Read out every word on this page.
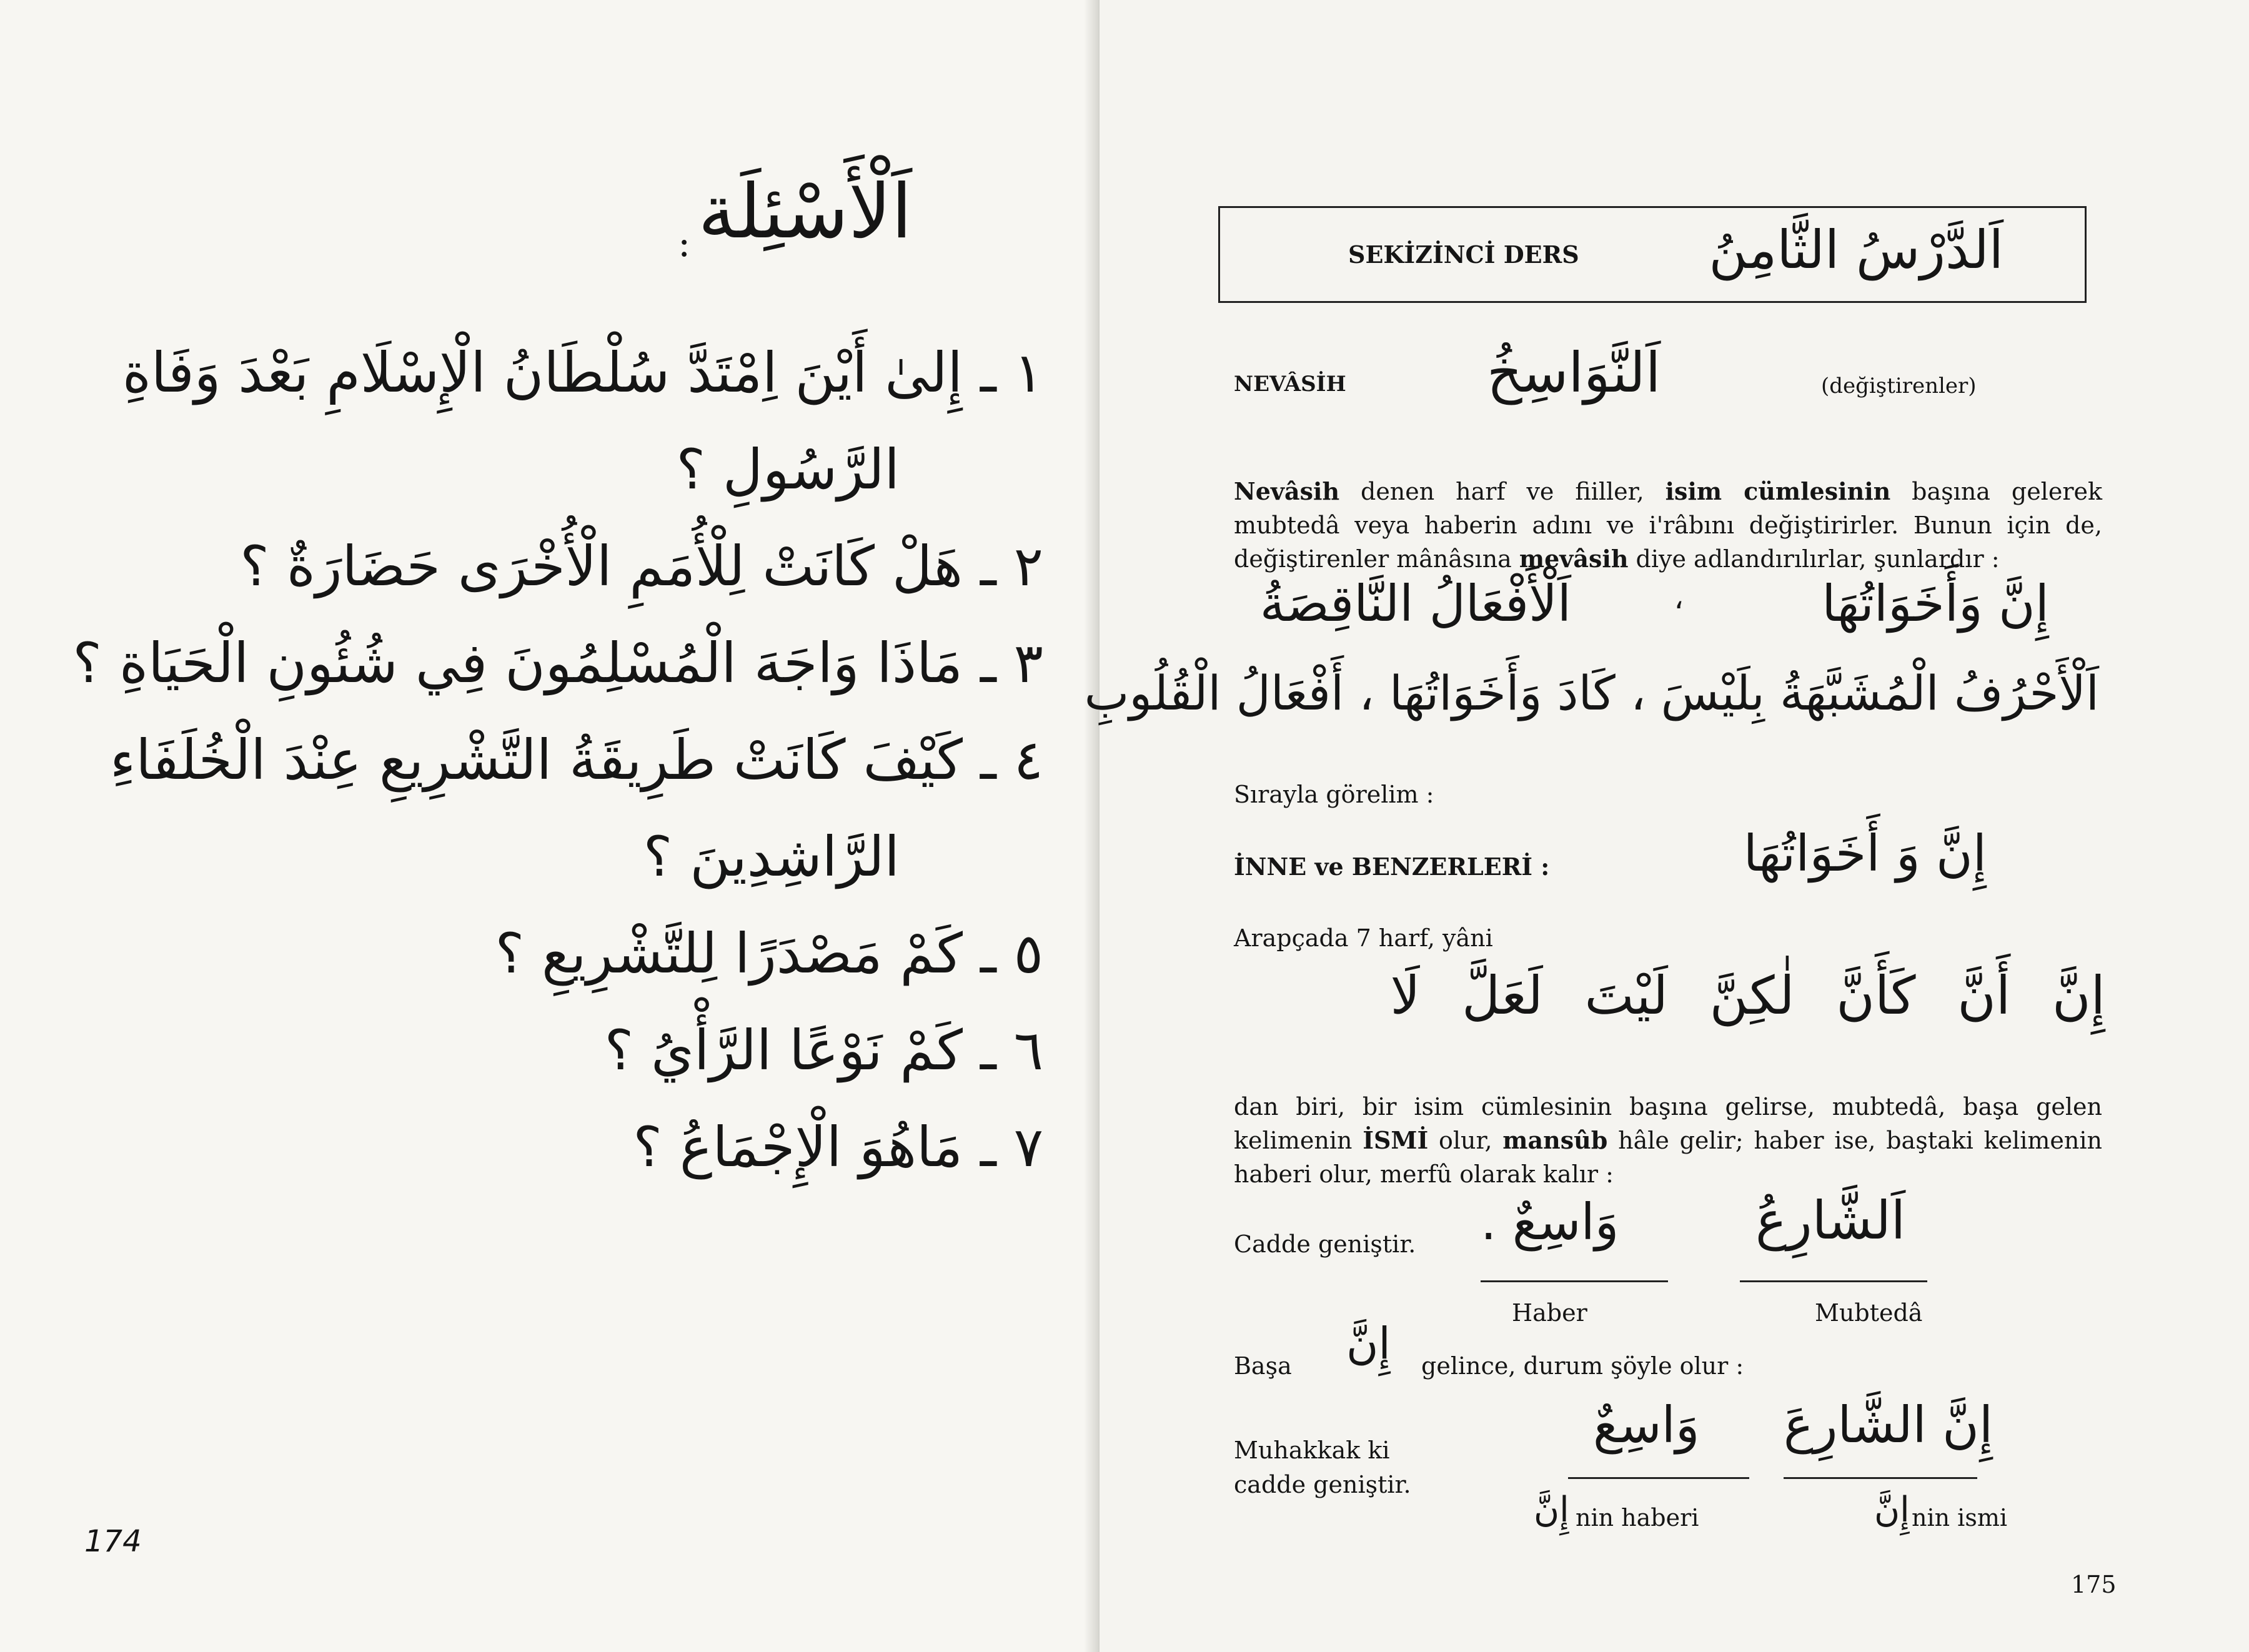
اَلْأَسْئِلَة
:
١ ـ إِلىٰ أَيْنَ اِمْتَدَّ سُلْطَانُ الْإِسْلَامِ بَعْدَ وَفَاةِ
الرَّسُولِ ؟
٢ ـ هَلْ كَانَتْ لِلْأُمَمِ الْأُخْرَى حَضَارَةٌ ؟
٣ ـ مَاذَا وَاجَهَ الْمُسْلِمُونَ فِي شُئُونِ الْحَيَاةِ ؟
٤ ـ كَيْفَ كَانَتْ طَرِيقَةُ التَّشْرِيعِ عِنْدَ الْخُلَفَاءِ
الرَّاشِدِينَ ؟
٥ ـ كَمْ مَصْدَرًا لِلتَّشْرِيعِ ؟
٦ ـ كَمْ نَوْعًا الرَّأْيُ ؟
٧ ـ مَاهُوَ الْإِجْمَاعُ ؟
174
SEKİZİNCİ DERS اَلدَّرْسُ الثَّامِنُ
NEVÂSİH	اَلنَّوَاسِخُ	(değiştirenler)
Nevâsih denen harf ve fiiller, isim cümlesinin başına gelerek mubtedâ veya haberin adını ve i'râbını değiştirirler. Bunun için de, değiştirenler mânâsına mevâsih diye adlandırılırlar, şunlardır :
إِنَّ وَأَخَوَاتُهَا
،
اَلْأَفْعَالُ النَّاقِصَةُ
اَلْأَحْرُفُ الْمُشَبَّهَةُ بِلَيْسَ ، كَادَ وَأَخَوَاتُهَا ، أَفْعَالُ الْقُلُوبِ
Sırayla görelim :
İNNE ve BENZERLERİ :	إِنَّ وَ أَخَوَاتُهَا
Arapçada 7 harf, yâni
إِنَّ أَنَّ كَأَنَّ لٰكِنَّ لَيْتَ لَعَلَّ لَا
dan biri, bir isim cümlesinin başına gelirse, mubtedâ, başa gelen kelimenin İSMİ olur, mansûb hâle gelir; haber ise, baştaki kelimenin haberi olur, merfû olarak kalır :
Cadde geniştir. وَاسِعٌ .	اَلشَّارِعُ
Haber	Mubtedâ
Başa إِنَّ gelince, durum şöyle olur :
Muhakkak ki
cadde geniştir.
وَاسِعٌ إِنَّ الشَّارِعَ
إِنَّ nin haberi	إِنَّ nin ismi
175
